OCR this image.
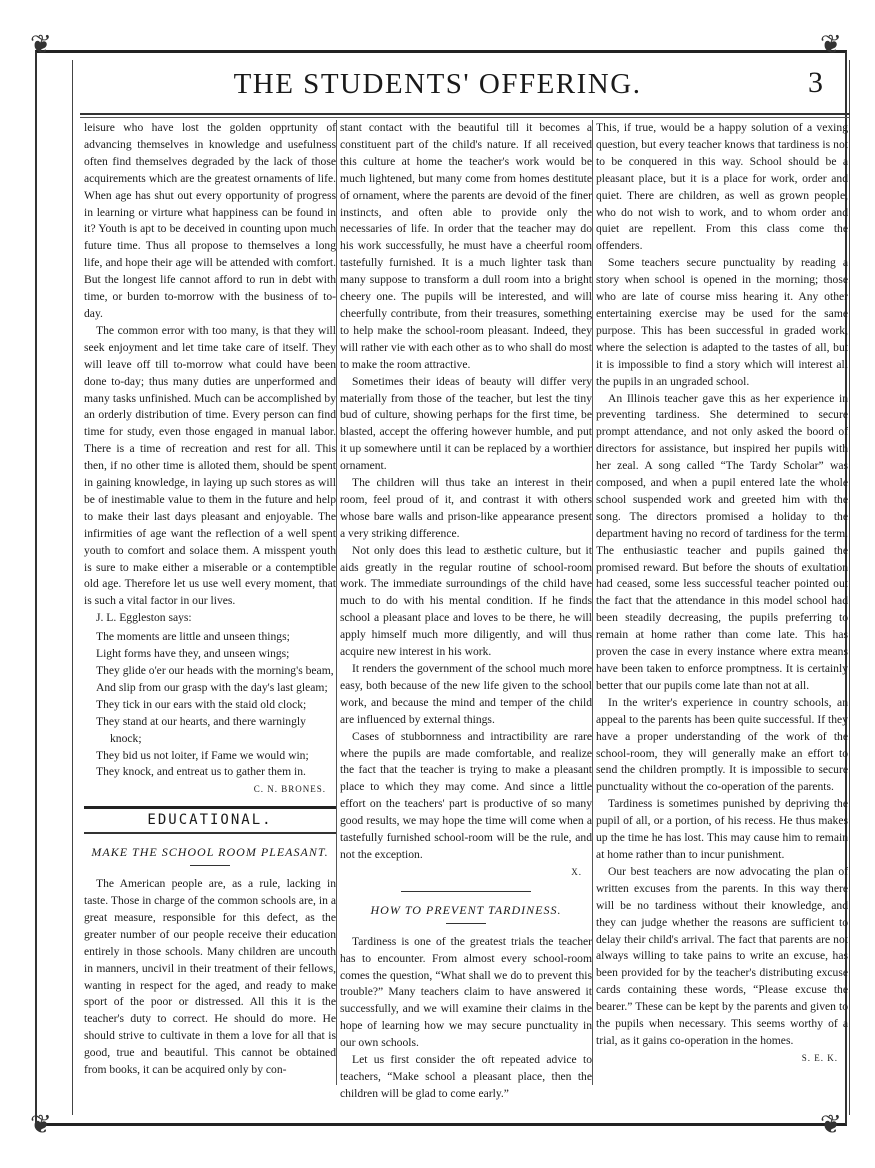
❦	❦
❦	❦
THE STUDENTS' OFFERING.	3

leisure who have lost the golden opprtunity of advancing themselves in knowledge and usefulness often find themselves degraded by the lack of those acquirements which are the greatest ornaments of life. When age has shut out every opportunity of progress in learning or virture what happiness can be found in it? Youth is apt to be deceived in counting upon much future time. Thus all propose to themselves a long life, and hope their age will be attended with comfort. But the longest life cannot afford to run in debt with time, or burden to-morrow with the business of to-day.

The common error with too many, is that they will seek enjoyment and let time take care of itself. They will leave off till to-morrow what could have been done to-day; thus many duties are unperformed and many tasks unfinished. Much can be accomplished by an orderly distribution of time. Every person can find time for study, even those engaged in manual labor. There is a time of recreation and rest for all. This then, if no other time is alloted them, should be spent in gaining knowledge, in laying up such stores as will be of inestimable value to them in the future and help to make their last days pleasant and enjoyable. The infirmities of age want the reflection of a well spent youth to comfort and solace them. A misspent youth is sure to make either a miserable or a contemptible old age. Therefore let us use well every moment, that is such a vital factor in our lives.

J. L. Eggleston says:

The moments are little and unseen things;
Light forms have they, and unseen wings;
They glide o'er our heads with the morning's beam,
And slip from our grasp with the day's last gleam;
They tick in our ears with the staid old clock;
They stand at our hearts, and there warningly knock;
They bid us not loiter, if Fame we would win;
They knock, and entreat us to gather them in.
C. N. BRONES.
EDUCATIONAL.
MAKE THE SCHOOL ROOM PLEASANT.

The American people are, as a rule, lacking in taste. Those in charge of the common schools are, in a great measure, responsible for this defect, as the greater number of our people receive their education entirely in those schools. Many children are uncouth in manners, uncivil in their treatment of their fellows, wanting in respect for the aged, and ready to make sport of the poor or distressed. All this it is the teacher's duty to correct. He should do more. He should strive to cultivate in them a love for all that is good, true and beautiful. This cannot be obtained from books, it can be acquired only by con-

stant contact with the beautiful till it becomes a constituent part of the child's nature. If all received this culture at home the teacher's work would be much lightened, but many come from homes destitute of ornament, where the parents are devoid of the finer instincts, and often able to provide only the necessaries of life. In order that the teacher may do his work successfully, he must have a cheerful room tastefully furnished. It is a much lighter task than many suppose to transform a dull room into a bright cheery one. The pupils will be interested, and will cheerfully contribute, from their treasures, something to help make the school-room pleasant. Indeed, they will rather vie with each other as to who shall do most to make the room attractive.

Sometimes their ideas of beauty will differ very materially from those of the teacher, but lest the tiny bud of culture, showing perhaps for the first time, be blasted, accept the offering however humble, and put it up somewhere until it can be replaced by a worthier ornament.

The children will thus take an interest in their room, feel proud of it, and contrast it with others whose bare walls and prison-like appearance present a very striking difference.

Not only does this lead to æsthetic culture, but it aids greatly in the regular routine of school-room work. The immediate surroundings of the child have much to do with his mental condition. If he finds school a pleasant place and loves to be there, he will apply himself much more diligently, and will thus acquire new interest in his work.

It renders the government of the school much more easy, both because of the new life given to the school work, and because the mind and temper of the child are influenced by external things.

Cases of stubbornness and intractibility are rare where the pupils are made comfortable, and realize the fact that the teacher is trying to make a pleasant place to which they may come. And since a little effort on the teachers' part is productive of so many good results, we may hope the time will come when a tastefully furnished school-room will be the rule, and not the exception.

X.
HOW TO PREVENT TARDINESS.

Tardiness is one of the greatest trials the teacher has to encounter. From almost every school-room comes the question, “What shall we do to prevent this trouble?” Many teachers claim to have answered it successfully, and we will examine their claims in the hope of learning how we may secure punctuality in our own schools.

Let us first consider the oft repeated advice to teachers, “Make school a pleasant place, then the children will be glad to come early.”

This, if true, would be a happy solution of a vexing question, but every teacher knows that tardiness is not to be conquered in this way. School should be a pleasant place, but it is a place for work, order and quiet. There are children, as well as grown people, who do not wish to work, and to whom order and quiet are repellent. From this class come the offenders.

Some teachers secure punctuality by reading a story when school is opened in the morning; those who are late of course miss hearing it. Any other entertaining exercise may be used for the same purpose. This has been successful in graded work, where the selection is adapted to the tastes of all, but it is impossible to find a story which will interest all the pupils in an ungraded school.

An Illinois teacher gave this as her experience in preventing tardiness. She determined to secure prompt attendance, and not only asked the boord of directors for assistance, but inspired her pupils with her zeal. A song called “The Tardy Scholar” was composed, and when a pupil entered late the whole school suspended work and greeted him with the song. The directors promised a holiday to the department having no record of tardiness for the term. The enthusiastic teacher and pupils gained the promised reward. But before the shouts of exultation had ceased, some less successful teacher pointed out the fact that the attendance in this model school had been steadily decreasing, the pupils preferring to remain at home rather than come late. This has proven the case in every instance where extra means have been taken to enforce promptness. It is certainly better that our pupils come late than not at all.

In the writer's experience in country schools, an appeal to the parents has been quite successful. If they have a proper understanding of the work of the school-room, they will generally make an effort to send the children promptly. It is impossible to secure punctuality without the co-operation of the parents.

Tardiness is sometimes punished by depriving the pupil of all, or a portion, of his recess. He thus makes up the time he has lost. This may cause him to remain at home rather than to incur punishment.

Our best teachers are now advocating the plan of written excuses from the parents. In this way there will be no tardiness without their knowledge, and they can judge whether the reasons are sufficient to delay their child's arrival. The fact that parents are not always willing to take pains to write an excuse, has been provided for by the teacher's distributing excuse cards containing these words, “Please excuse the bearer.” These can be kept by the parents and given to the pupils when necessary. This seems worthy of a trial, as it gains co-operation in the homes.

S. E. K.
